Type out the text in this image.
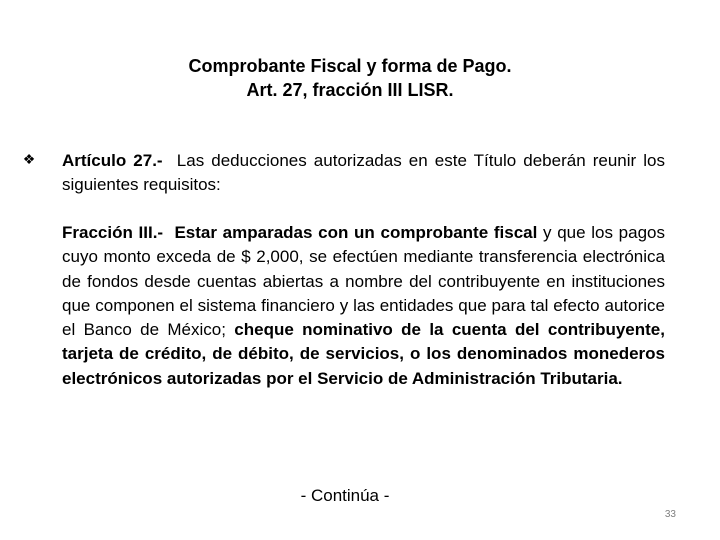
Comprobante Fiscal y forma de Pago.
Art. 27, fracción III LISR.
❖ Artículo 27.- Las deducciones autorizadas en este Título deberán reunir los siguientes requisitos:
Fracción III.- Estar amparadas con un comprobante fiscal y que los pagos cuyo monto exceda de $ 2,000, se efectúen mediante transferencia electrónica de fondos desde cuentas abiertas a nombre del contribuyente en instituciones que componen el sistema financiero y las entidades que para tal efecto autorice el Banco de México; cheque nominativo de la cuenta del contribuyente, tarjeta de crédito, de débito, de servicios, o los denominados monederos electrónicos autorizadas por el Servicio de Administración Tributaria.
- Continúa -
33
